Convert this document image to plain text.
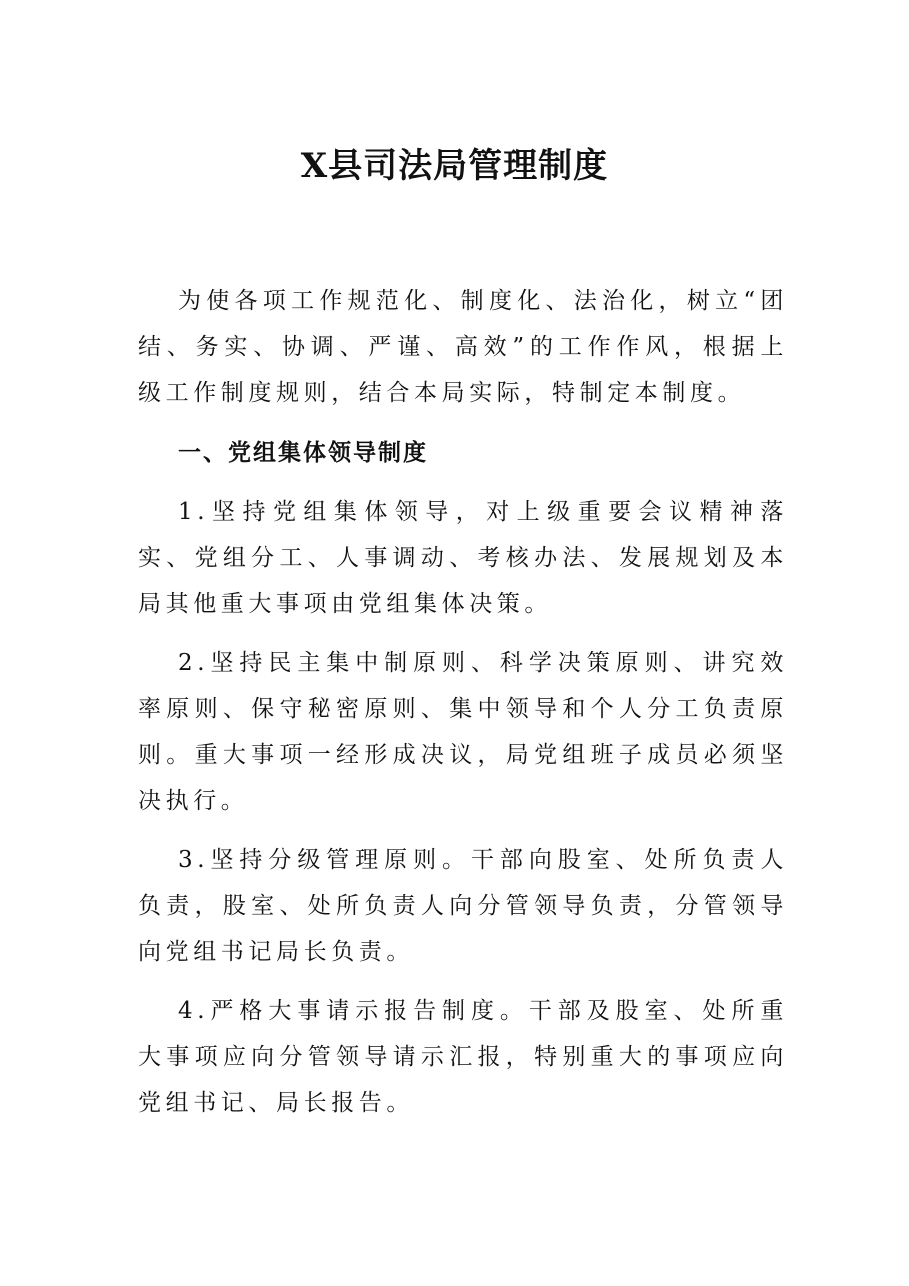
X县司法局管理制度

为使各项工作规范化、制度化、法治化，树立“团结、务实、协调、严谨、高效”的工作作风，根据上级工作制度规则，结合本局实际，特制定本制度。

一、党组集体领导制度

1.坚持党组集体领导，对上级重要会议精神落实、党组分工、人事调动、考核办法、发展规划及本局其他重大事项由党组集体决策。

2.坚持民主集中制原则、科学决策原则、讲究效率原则、保守秘密原则、集中领导和个人分工负责原则。重大事项一经形成决议，局党组班子成员必须坚决执行。

3.坚持分级管理原则。干部向股室、处所负责人负责，股室、处所负责人向分管领导负责，分管领导向党组书记局长负责。

4.严格大事请示报告制度。干部及股室、处所重大事项应向分管领导请示汇报，特别重大的事项应向党组书记、局长报告。
